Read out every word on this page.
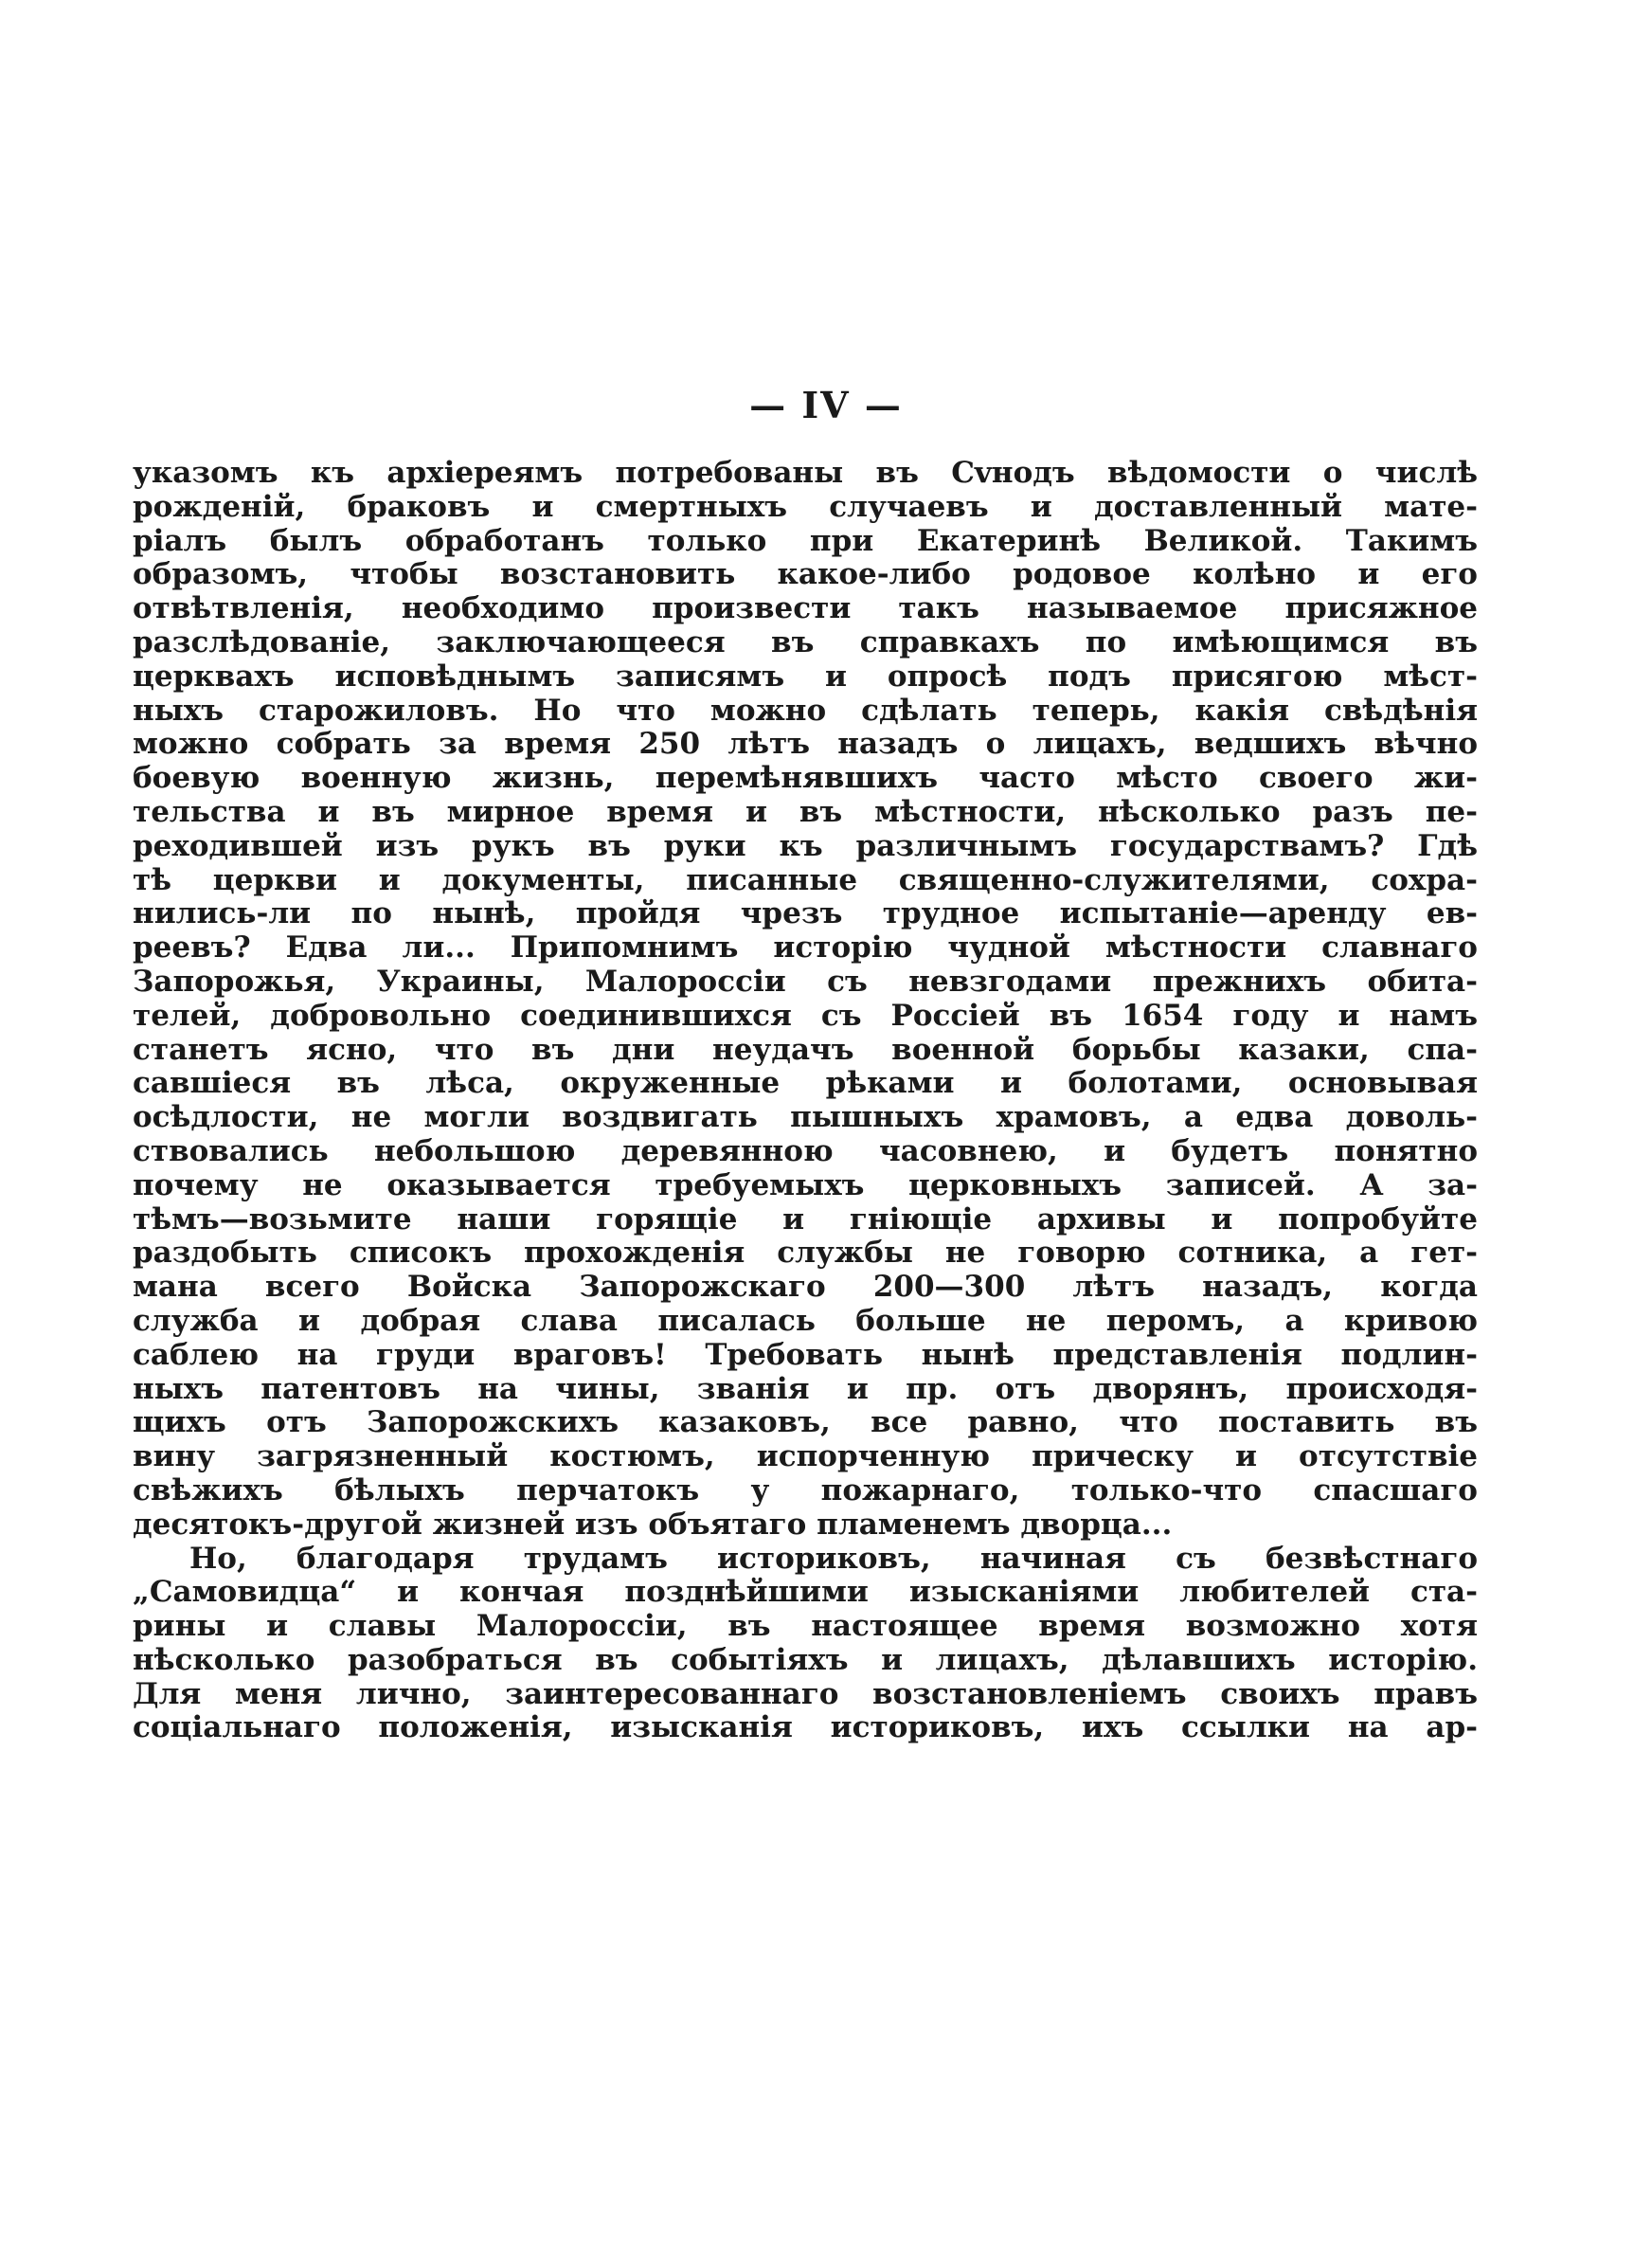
— IV —
указомъ къ архіереямъ потребованы въ Сvнодъ вѣдомости о числѣ
рожденій, браковъ и смертныхъ случаевъ и доставленный мате-
ріалъ былъ обработанъ только при Екатеринѣ Великой. Такимъ
образомъ, чтобы возстановить какое-либо родовое колѣно и его
отвѣтвленія, необходимо произвести такъ называемое присяжное
разслѣдованіе, заключающееся въ справкахъ по имѣющимся въ
церквахъ исповѣднымъ записямъ и опросѣ подъ присягою мѣст-
ныхъ старожиловъ. Но что можно сдѣлать теперь, какія свѣдѣнія
можно собрать за время 250 лѣтъ назадъ о лицахъ, ведшихъ вѣчно
боевую военную жизнь, перемѣнявшихъ часто мѣсто своего жи-
тельства и въ мирное время и въ мѣстности, нѣсколько разъ пе-
реходившей изъ рукъ въ руки къ различнымъ государствамъ? Гдѣ
тѣ церкви и документы, писанные священно-служителями, сохра-
нились-ли по нынѣ, пройдя чрезъ трудное испытаніе—аренду ев-
реевъ? Едва ли... Припомнимъ исторію чудной мѣстности славнаго
Запорожья, Украины, Малороссіи съ невзгодами прежнихъ обита-
телей, добровольно соединившихся съ Россіей въ 1654 году и намъ
станетъ ясно, что въ дни неудачъ военной борьбы казаки, спа-
савшіеся въ лѣса, окруженные рѣками и болотами, основывая
осѣдлости, не могли воздвигать пышныхъ храмовъ, а едва доволь-
ствовались небольшою деревянною часовнею, и будетъ понятно
почему не оказывается требуемыхъ церковныхъ записей. А за-
тѣмъ—возьмите наши горящіе и гніющіе архивы и попробуйте
раздобыть списокъ прохожденія службы не говорю сотника, а гет-
мана всего Войска Запорожскаго 200—300 лѣтъ назадъ, когда
служба и добрая слава писалась больше не перомъ, а кривою
саблею на груди враговъ! Требовать нынѣ представленія подлин-
ныхъ патентовъ на чины, званія и пр. отъ дворянъ, происходя-
щихъ отъ Запорожскихъ казаковъ, все равно, что поставить въ
вину загрязненный костюмъ, испорченную прическу и отсутствіе
свѣжихъ бѣлыхъ перчатокъ у пожарнаго, только-что спасшаго
десятокъ-другой жизней изъ объятаго пламенемъ дворца...
Но, благодаря трудамъ историковъ, начиная съ безвѣстнаго
„Самовидца“ и кончая позднѣйшими изысканіями любителей ста-
рины и славы Малороссіи, въ настоящее время возможно хотя
нѣсколько разобраться въ событіяхъ и лицахъ, дѣлавшихъ исторію.
Для меня лично, заинтересованнаго возстановленіемъ своихъ правъ
соціальнаго положенія, изысканія историковъ, ихъ ссылки на ар-
